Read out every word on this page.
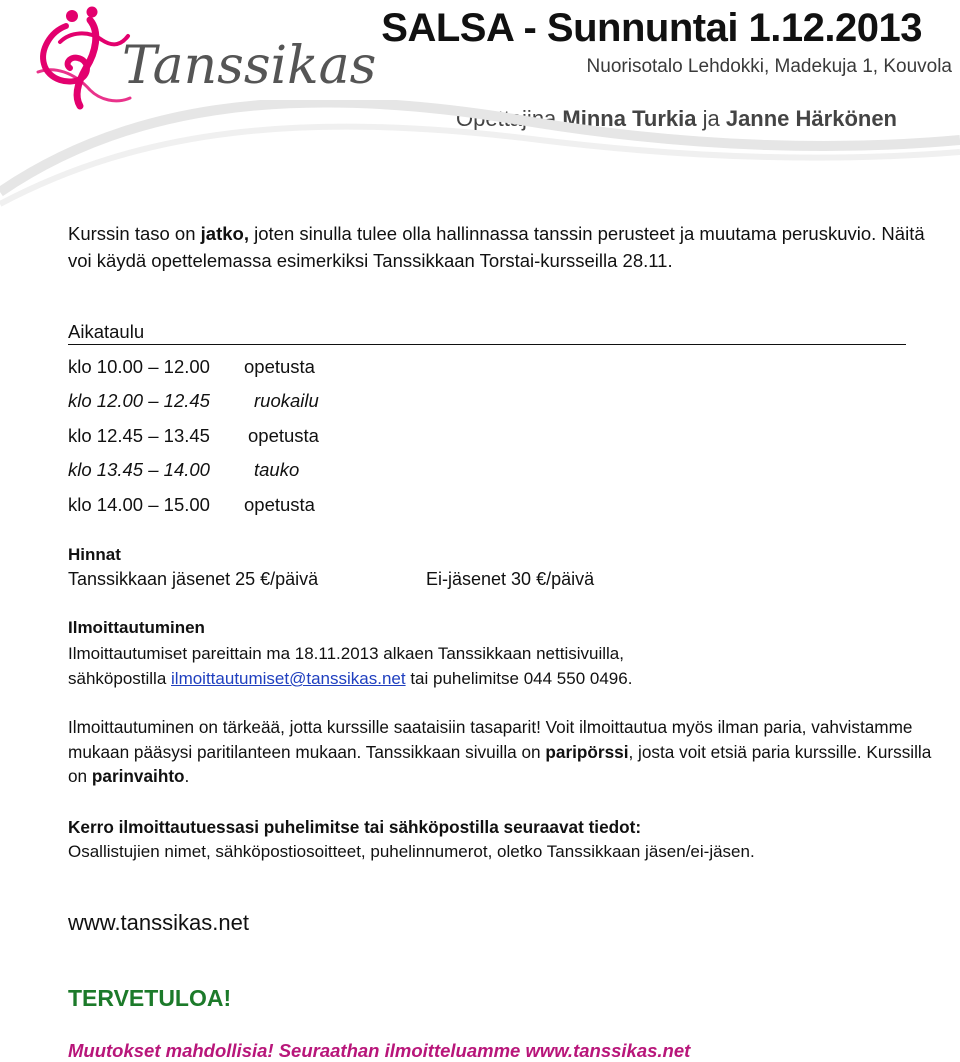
Tanssikas
SALSA - Sunnuntai 1.12.2013
Nuorisotalo Lehdokki, Madekuja 1, Kouvola
Opettajina Minna Turkia ja Janne Härkönen
Kurssin taso on jatko, joten sinulla tulee olla hallinnassa tanssin perusteet ja muutama peruskuvio. Näitä voi käydä opettelemassa esimerkiksi Tanssikkaan Torstai-kursseilla 28.11.
Aikataulu
klo 10.00 – 12.00 opetusta
klo 12.00 – 12.45 ruokailu
klo 12.45 – 13.45 opetusta
klo 13.45 – 14.00 tauko
klo 14.00 – 15.00 opetusta
Hinnat
Tanssikkaan jäsenet 25 €/päivä	Ei-jäsenet 30 €/päivä
Ilmoittautuminen
Ilmoittautumiset pareittain ma 18.11.2013 alkaen Tanssikkaan nettisivuilla,
sähköpostilla ilmoittautumiset@tanssikas.net tai puhelimitse 044 550 0496.
Ilmoittautuminen on tärkeää, jotta kurssille saataisiin tasaparit! Voit ilmoittautua myös ilman paria, vahvistamme mukaan pääsysi paritilanteen mukaan. Tanssikkaan sivuilla on paripörssi, josta voit etsiä paria kurssille. Kurssilla on parinvaihto.
Kerro ilmoittautuessasi puhelimitse tai sähköpostilla seuraavat tiedot:
Osallistujien nimet, sähköpostiosoitteet, puhelinnumerot, oletko Tanssikkaan jäsen/ei-jäsen.
www.tanssikas.net
TERVETULOA!
Muutokset mahdollisia! Seuraathan ilmoitteluamme www.tanssikas.net
